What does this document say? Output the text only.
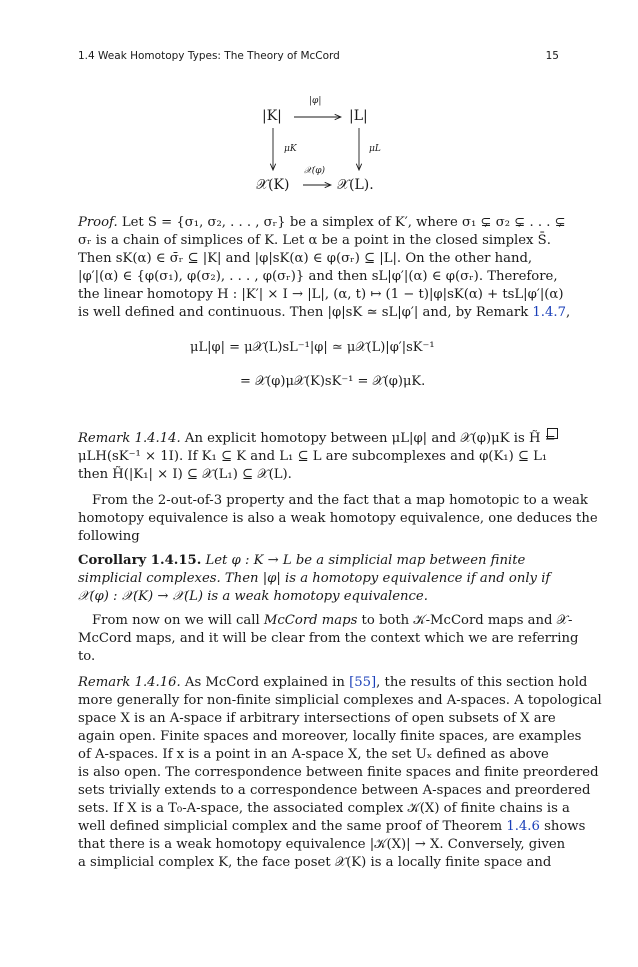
1.4 Weak Homotopy Types: The Theory of McCord	15
|K|	|L|
|φ|
𝒳(K)	𝒳(L).
𝒳(φ)
μK	μL
Proof. Let S = {σ₁, σ₂, . . . , σᵣ} be a simplex of K′, where σ₁ ⊊ σ₂ ⊊ . . . ⊊
σᵣ is a chain of simplices of K. Let α be a point in the closed simplex S̄.
Then sK(α) ∈ σ̄ᵣ ⊆ |K| and |φ|sK(α) ∈ φ(σᵣ) ⊆ |L|. On the other hand,
|φ′|(α) ∈ {φ(σ₁), φ(σ₂), . . . , φ(σᵣ)} and then sL|φ′|(α) ∈ φ(σᵣ). Therefore,
the linear homotopy H : |K′| × I → |L|, (α, t) ↦ (1 − t)|φ|sK(α) + tsL|φ′|(α)
is well defined and continuous. Then |φ|sK ≃ sL|φ′| and, by Remark 1.4.7,
μL|φ| = μ𝒳(L)sL⁻¹|φ| ≃ μ𝒳(L)|φ′|sK⁻¹
= 𝒳(φ)μ𝒳(K)sK⁻¹ = 𝒳(φ)μK.
Remark 1.4.14. An explicit homotopy between μL|φ| and 𝒳(φ)μK is H̃ =
μLH(sK⁻¹ × 1I). If K₁ ⊆ K and L₁ ⊆ L are subcomplexes and φ(K₁) ⊆ L₁
then H̃(|K₁| × I) ⊆ 𝒳(L₁) ⊆ 𝒳(L).
From the 2-out-of-3 property and the fact that a map homotopic to a weak
homotopy equivalence is also a weak homotopy equivalence, one deduces the
following
Corollary 1.4.15. Let φ : K → L be a simplicial map between finite
simplicial complexes. Then |φ| is a homotopy equivalence if and only if
𝒳(φ) : 𝒳(K) → 𝒳(L) is a weak homotopy equivalence.
From now on we will call McCord maps to both 𝒦-McCord maps and 𝒳-
McCord maps, and it will be clear from the context which we are referring
to.
Remark 1.4.16. As McCord explained in [55], the results of this section hold
more generally for non-finite simplicial complexes and A-spaces. A topological
space X is an A-space if arbitrary intersections of open subsets of X are
again open. Finite spaces and moreover, locally finite spaces, are examples
of A-spaces. If x is a point in an A-space X, the set Uₓ defined as above
is also open. The correspondence between finite spaces and finite preordered
sets trivially extends to a correspondence between A-spaces and preordered
sets. If X is a T₀-A-space, the associated complex 𝒦(X) of finite chains is a
well defined simplicial complex and the same proof of Theorem 1.4.6 shows
that there is a weak homotopy equivalence |𝒦(X)| → X. Conversely, given
a simplicial complex K, the face poset 𝒳(K) is a locally finite space and
